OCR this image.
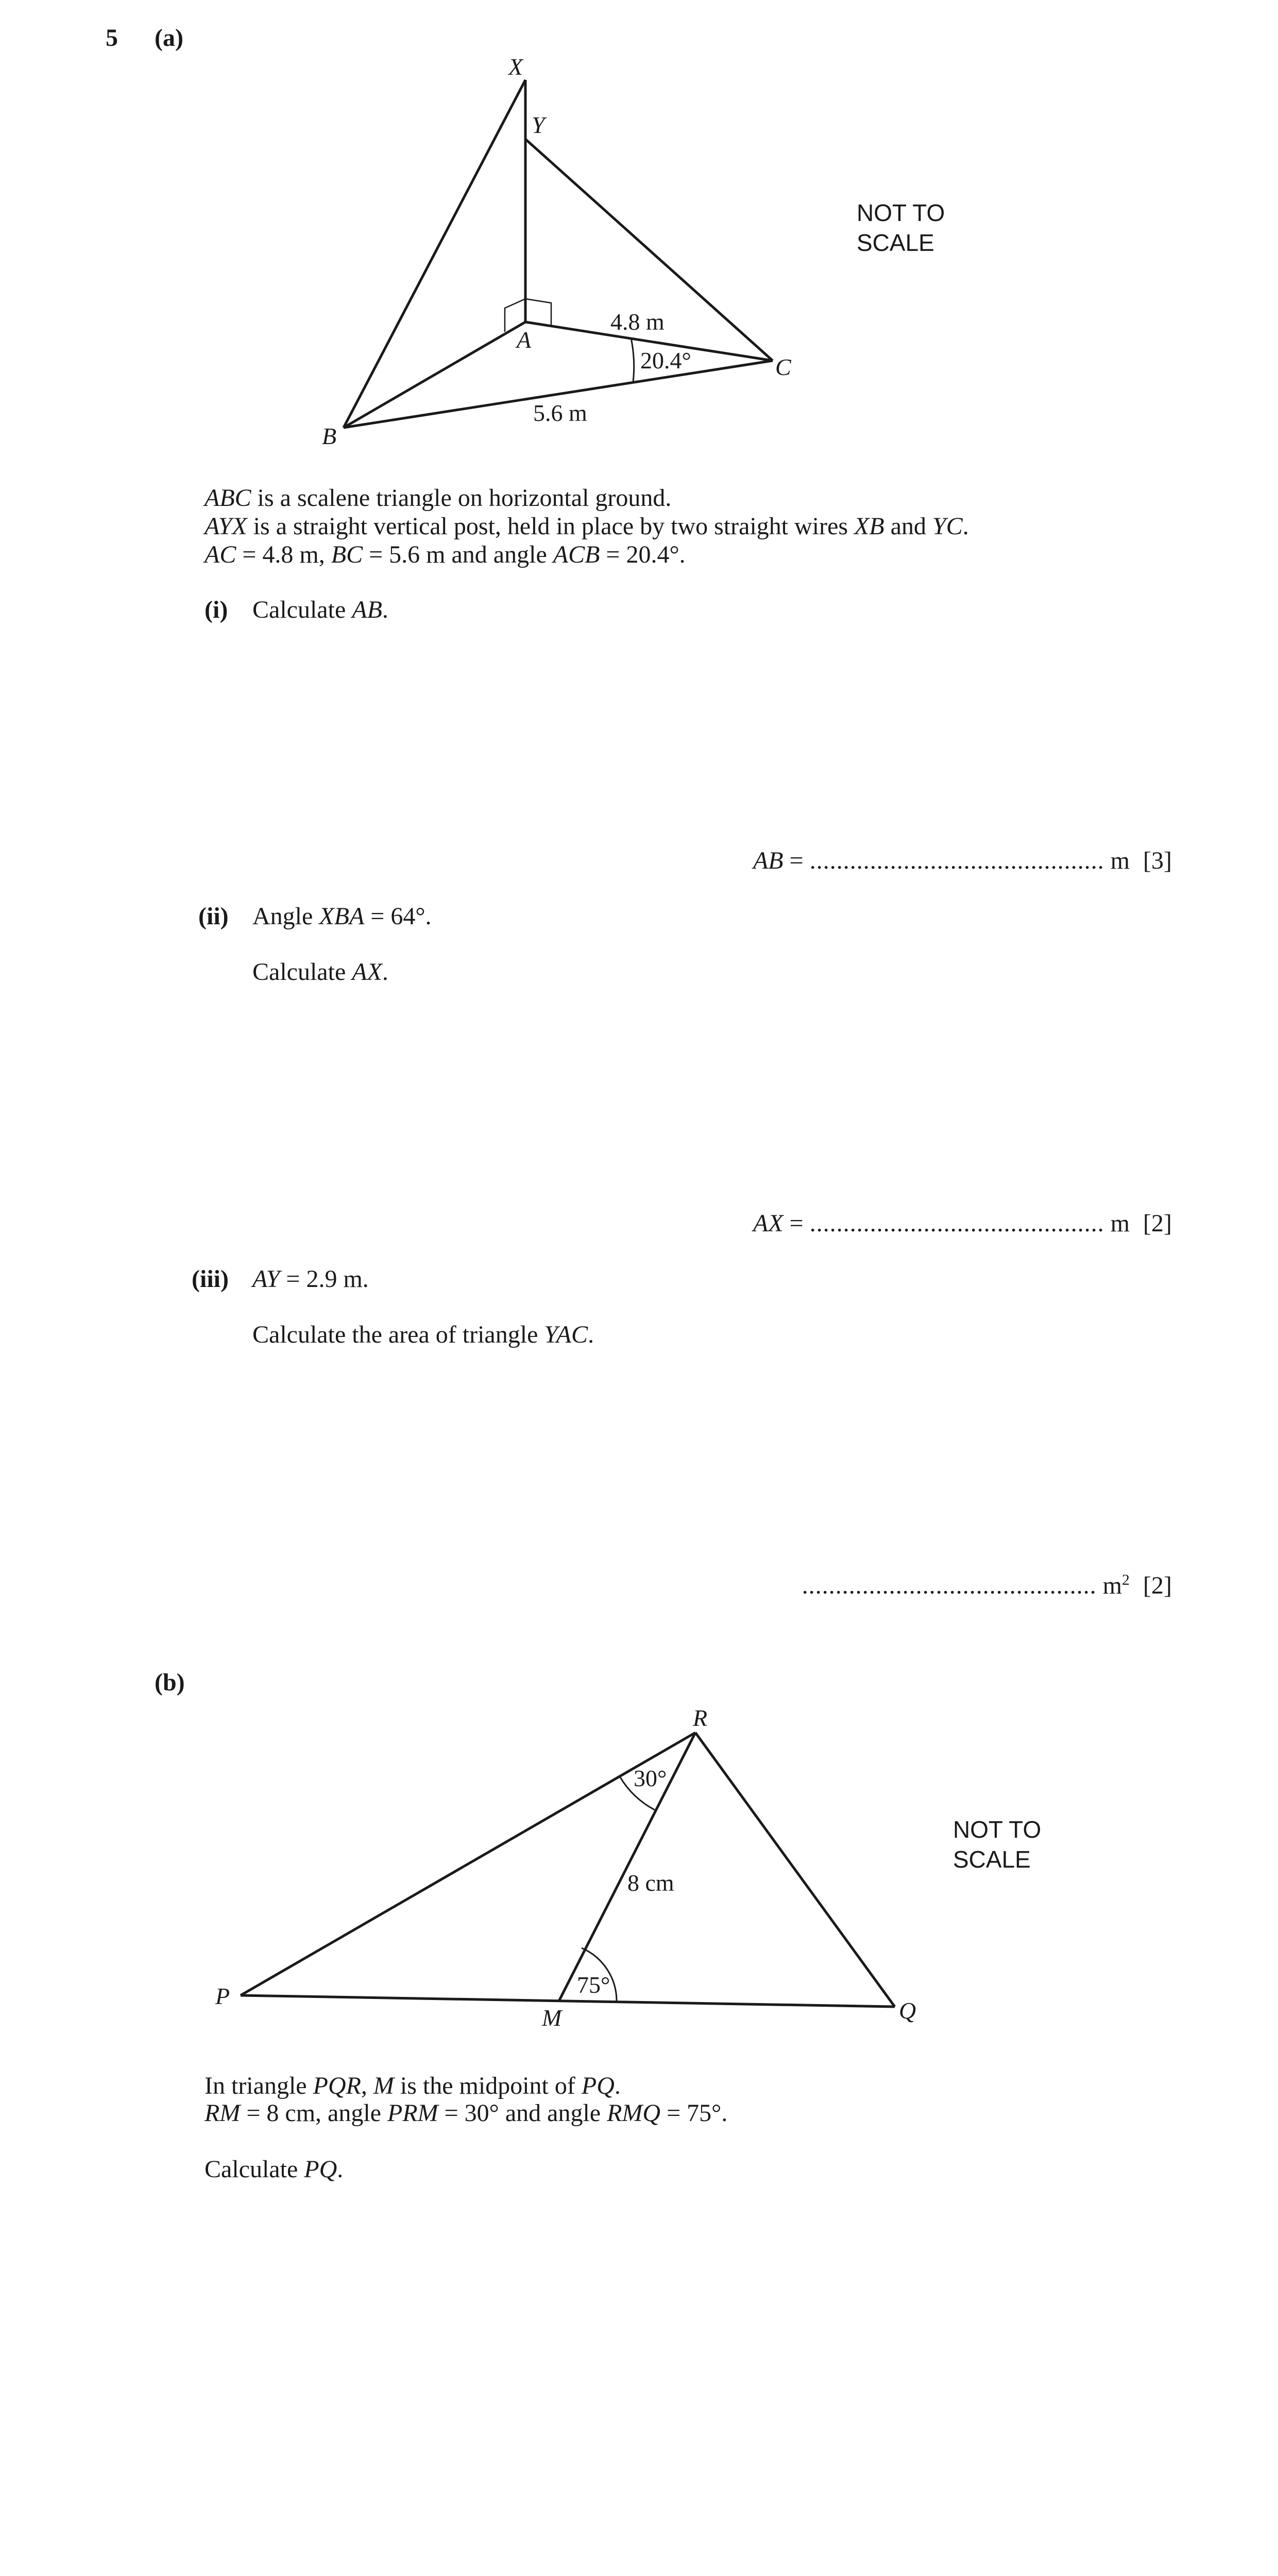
5 (a)
X
Y
A
B
C
4.8 m
20.4°
5.6 m
NOT TO
SCALE
ABC is a scalene triangle on horizontal ground.
AYX is a straight vertical post, held in place by two straight wires XB and YC.
AC = 4.8 m, BC = 5.6 m and angle ACB = 20.4°.
(i) Calculate AB.
AB = ............................................ m [3]
(ii) Angle XBA = 64°.
Calculate AX.
AX = ............................................ m [2]
(iii) AY = 2.9 m.
Calculate the area of triangle YAC.
............................................ $m^2$ [2]
(b)
R
P
Q
M
30°
8 cm
75°
NOT TO
SCALE
In triangle PQR, M is the midpoint of PQ.
RM = 8 cm, angle PRM = 30° and angle RMQ = 75°.
Calculate PQ.
